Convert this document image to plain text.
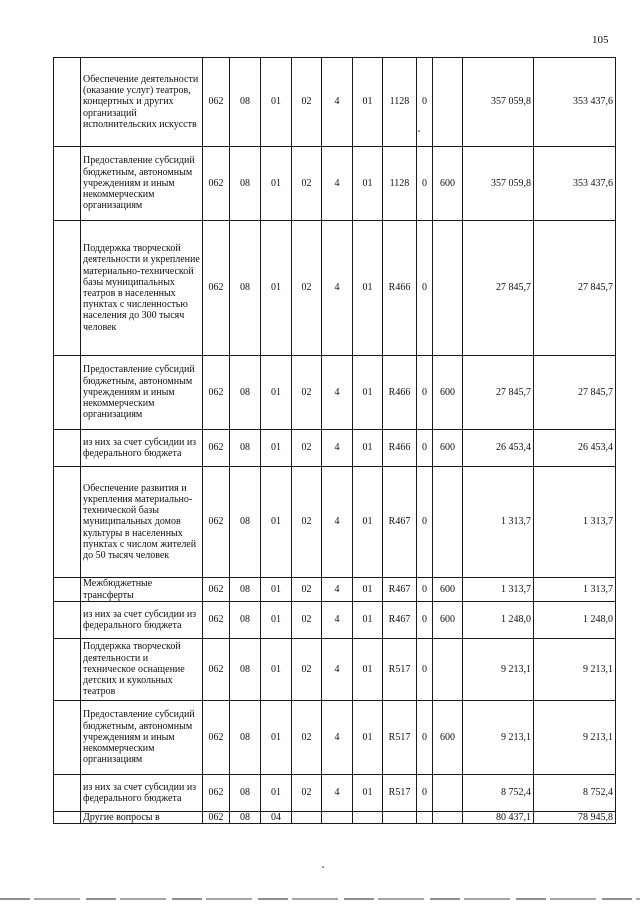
105
	Обеспечение деятельности (оказание услуг) театров, концертных и других организаций исполнительских искусств	062	08	01	02	4	01	1128	0		357 059,8	353 437,6
	Предоставление субсидий бюджетным, автономным учреждениям и иным некоммерческим организациям	062	08	01	02	4	01	1128	0	600	357 059,8	353 437,6
	Поддержка творческой деятельности и укрепление материально-технической базы муниципальных театров в населенных пунктах с численностью населения до 300 тысяч человек	062	08	01	02	4	01	R466	0		27 845,7	27 845,7
	Предоставление субсидий бюджетным, автономным учреждениям и иным некоммерческим организациям	062	08	01	02	4	01	R466	0	600	27 845,7	27 845,7
	из них за счет субсидии из федерального бюджета	062	08	01	02	4	01	R466	0	600	26 453,4	26 453,4
	Обеспечение развития и укрепления материально-технической базы муниципальных домов культуры в населенных пунктах с числом жителей до 50 тысяч человек	062	08	01	02	4	01	R467	0		1 313,7	1 313,7
	Межбюджетные трансферты	062	08	01	02	4	01	R467	0	600	1 313,7	1 313,7
	из них за счет субсидии из федерального бюджета	062	08	01	02	4	01	R467	0	600	1 248,0	1 248,0
	Поддержка творческой деятельности и техническое оснащение детских и кукольных театров	062	08	01	02	4	01	R517	0		9 213,1	9 213,1
	Предоставление субсидий бюджетным, автономным учреждениям и иным некоммерческим организациям	062	08	01	02	4	01	R517	0	600	9 213,1	9 213,1
	из них за счет субсидии из федерального бюджета	062	08	01	02	4	01	R517	0		8 752,4	8 752,4
	Другие вопросы в	062	08	04							80 437,1	78 945,8
